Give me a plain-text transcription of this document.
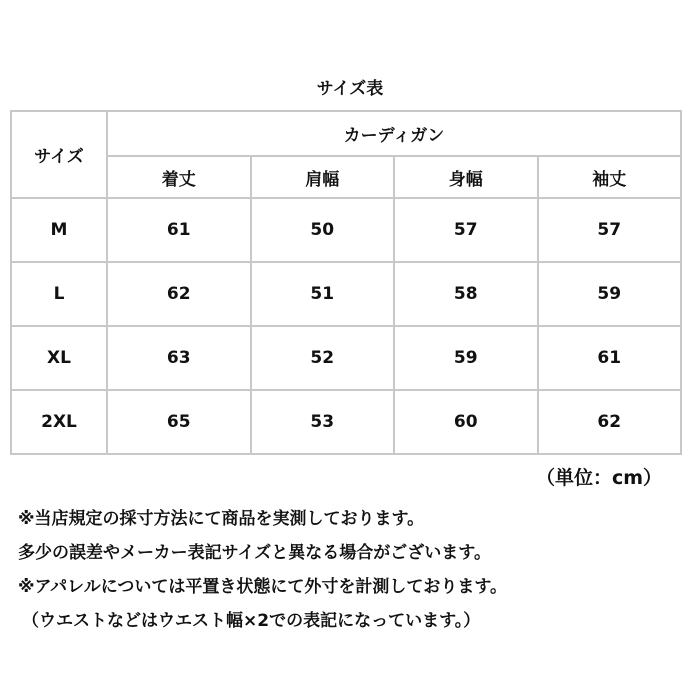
サイズ表
サイズ	カーディガン			
	着丈	肩幅	身幅	袖丈
M	61	50	57	57
L	62	51	58	59
XL	63	52	59	61
2XL	65	53	60	62
（単位：cm）
※当店規定の採寸方法にて商品を実測しております。
多少の誤差やメーカー表記サイズと異なる場合がございます。
※アパレルについては平置き状態にて外寸を計測しております。
（ウエストなどはウエスト幅×2での表記になっています。）
